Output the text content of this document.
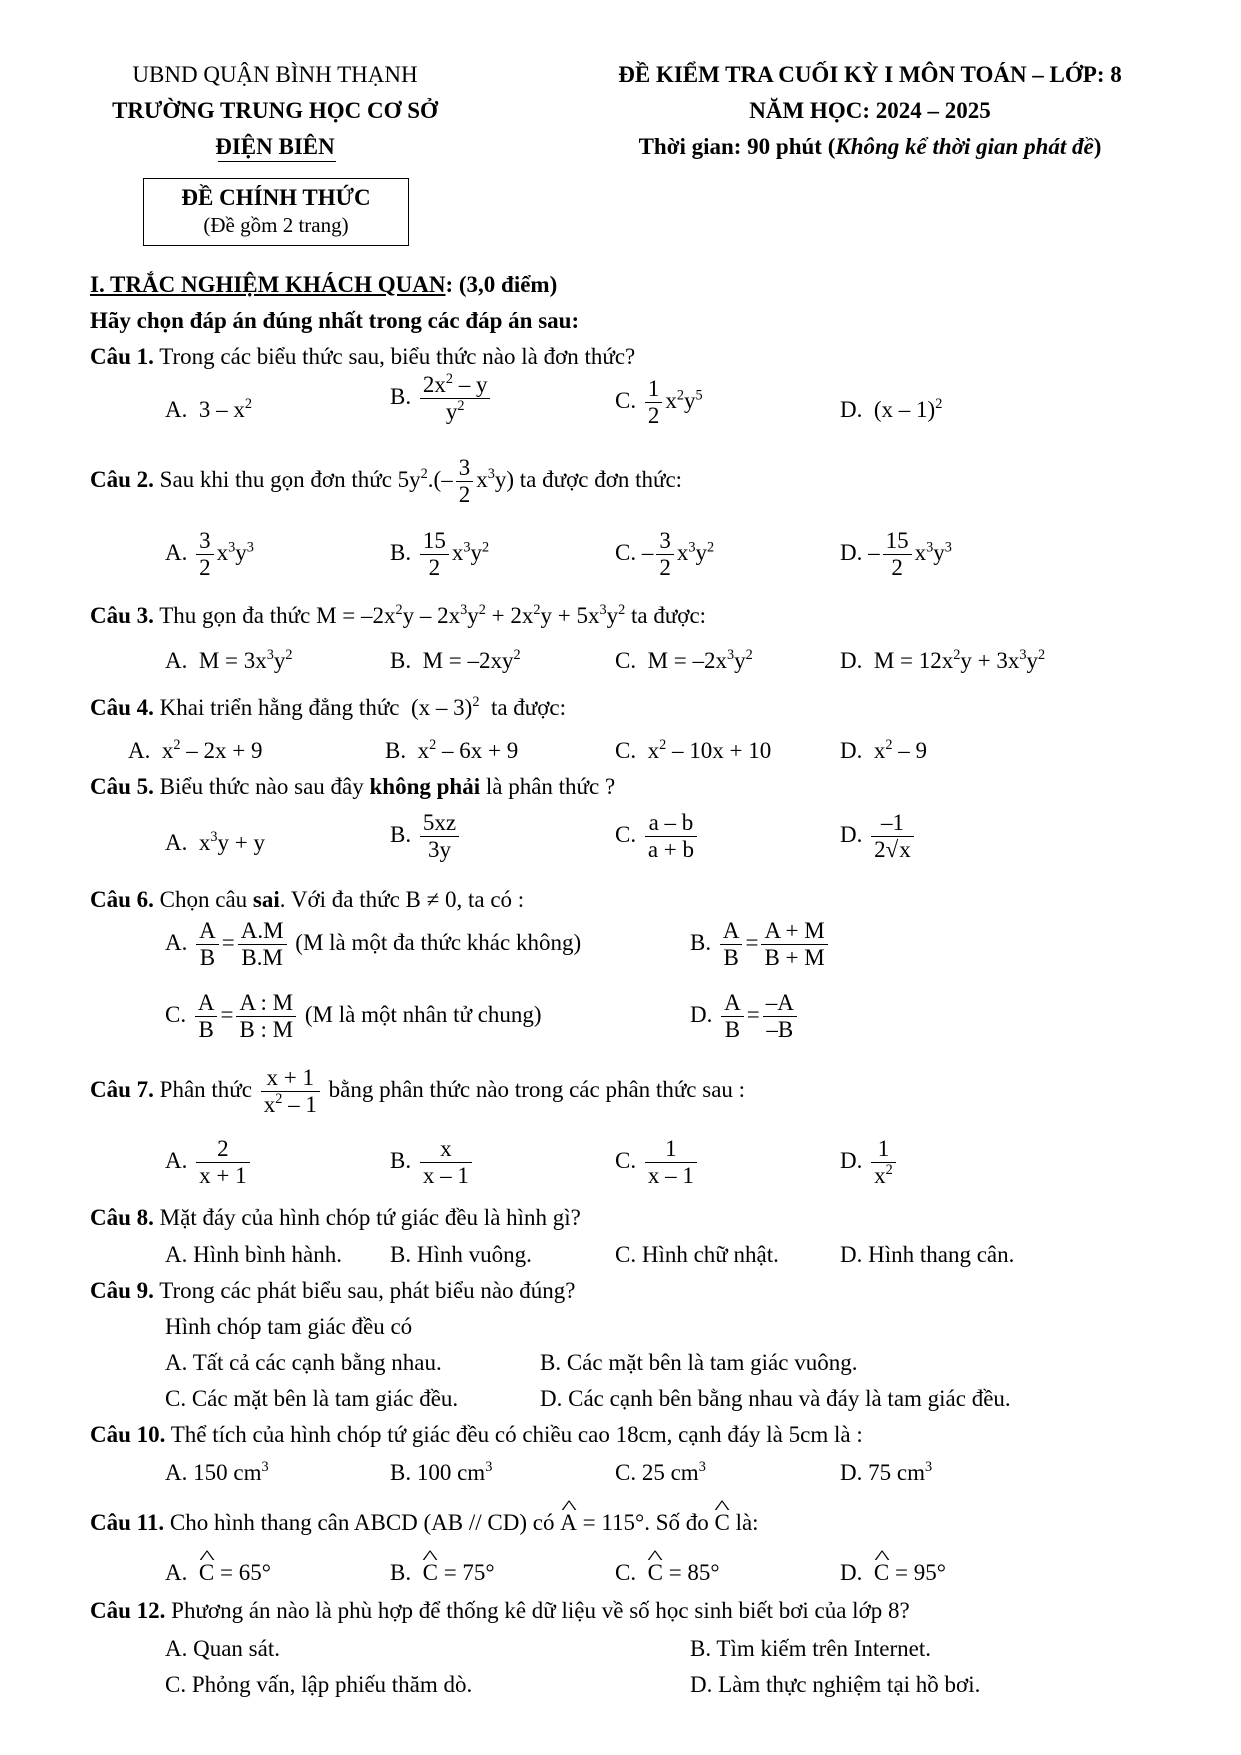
UBND QUẬN BÌNH THẠNH
TRƯỜNG TRUNG HỌC CƠ SỞ
ĐIỆN BIÊN
ĐỀ KIỂM TRA CUỐI KỲ I MÔN TOÁN – LỚP: 8
NĂM HỌC: 2024 – 2025
Thời gian: 90 phút (Không kể thời gian phát đề)
ĐỀ CHÍNH THỨC
(Đề gồm 2 trang)
I. TRẮC NGHIỆM KHÁCH QUAN: (3,0 điểm)
Hãy chọn đáp án đúng nhất trong các đáp án sau:
Câu 1. Trong các biểu thức sau, biểu thức nào là đơn thức?
A.  $3 - x^2$	B. $\frac{2x^2 - y}{y^2}$	C. $\frac{1}{2} x^2y^5$
D.  (x – 1)$^2$
Câu 2. Sau khi thu gọn đơn thức $5y^2.(- \frac{3}{2} x^3y)$ ta được đơn thức:
A. $\frac{3}{2} x^3y^3$	B. $\frac{15}{2} x^3y^2$	C. – $\frac{3}{2} x^3y^2$	D. – $\frac{15}{2} x^3y^3$
Câu 3. Thu gọn đa thức $M = -2x^2y - 2x^3y^2 + 2x^2y + 5x^3y^2$ ta được:
A.  $M = 3x^3y^2$	B.  $M = -2xy^2$	C.  $M = -2x^3y^2$	D.  $M = 12x^2y + 3x^3y^2$
Câu 4. Khai triển hằng đẳng thức  (x – 3)$^2$ ta được:
A.  $x^2 - 2x + 9$	B.  $x^2 - 6x + 9$	C.  $x^2 - 10x + 10$	D.  $x^2 - 9$
Câu 5. Biểu thức nào sau đây không phải là phân thức ?
A.  $x^3y + y$	B. $\frac{5xz}{3y}$	C. $\frac{a - b}{a + b}$	D. $\frac{-1}{2√x}$
Câu 6. Chọn câu sai. Với đa thức B ≠ 0, ta có :
A. $\frac{A}{B} = \frac{A.M}{B.M} (M$ là một đa thức khác không)	B. $\frac{A}{B} = \frac{A + M}{B + M}$
C. $\frac{A}{B} = \frac{A : M}{B : M} (M$ là một nhân tử chung)	D. $\frac{A}{B} = \frac{-A}{-B}$
Câu 7. Phân thức $\frac{x + 1}{x^2 - 1}$ bằng phân thức nào trong các phân thức sau :
A. $\frac{2}{x + 1}$	B. $\frac{x}{x - 1}$	C. $\frac{1}{x - 1}$	D. $\frac{1}{x^2}$
Câu 8. Mặt đáy của hình chóp tứ giác đều là hình gì?
A. Hình bình hành. B. Hình vuông.	C. Hình chữ nhật.	D. Hình thang cân.
Câu 9. Trong các phát biểu sau, phát biểu nào đúng?
Hình chóp tam giác đều có
A. Tất cả các cạnh bằng nhau.	B. Các mặt bên là tam giác vuông.
C. Các mặt bên là tam giác đều.	D. Các cạnh bên bằng nhau và đáy là tam giác đều.
Câu 10. Thể tích của hình chóp tứ giác đều có chiều cao 18cm, cạnh đáy là 5cm là :
A. 150 $cm^3$	B. 100 $cm^3$	C. 25 $cm^3$	D. 75 $cm^3$
Câu 11. Cho hình thang cân ABCD (AB // CD) có ^ A = 115°. Số đo ^ C là:
A.  ^ C = 65°	B.  ^ C = 75°	C.  ^ C = 85°	D.  ^ C = 95°
Câu 12. Phương án nào là phù hợp để thống kê dữ liệu về số học sinh biết bơi của lớp 8?
A. Quan sát.	B. Tìm kiếm trên Internet.
C. Phỏng vấn, lập phiếu thăm dò.	D. Làm thực nghiệm tại hồ bơi.
